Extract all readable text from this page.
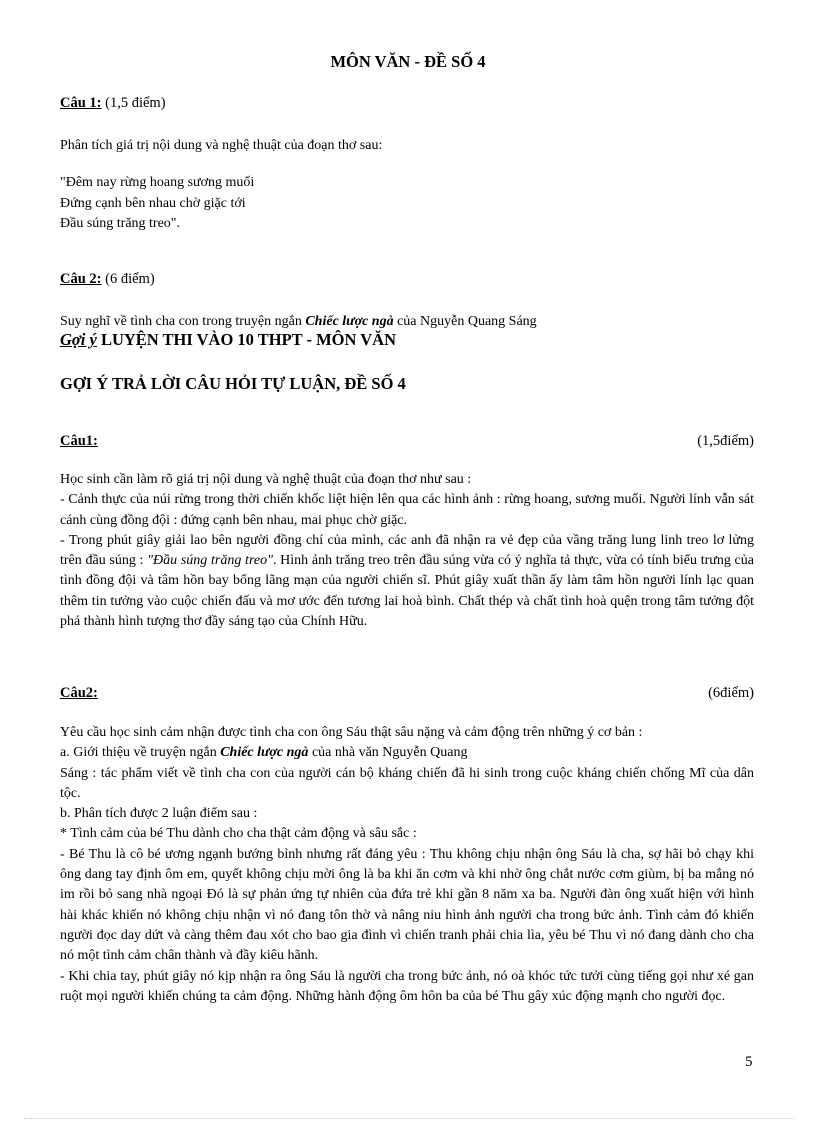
MÔN VĂN - ĐỀ SỐ 4
Câu 1: (1,5 điểm)
Phân tích giá trị nội dung và nghệ thuật của đoạn thơ sau:

"Đêm nay rừng hoang sương muối

Đứng cạnh bên nhau chờ giặc tới

Đầu súng trăng treo".

Câu 2: (6 điểm)
Suy nghĩ về tình cha con trong truyện ngắn Chiếc lược ngà của Nguyễn Quang Sáng
Gợi ý LUYỆN THI VÀO 10 THPT - MÔN VĂN
GỢI Ý TRẢ LỜI CÂU HỎI TỰ LUẬN, ĐỀ SỐ 4
Câu1:	(1,5điểm)

Học sinh cần làm rõ giá trị nội dung và nghệ thuật của đoạn thơ như sau :

- Cảnh thực của núi rừng trong thời chiến khốc liệt hiện lên qua các hình ảnh : rừng hoang, sương muối. Người lính vẫn sát cánh cùng đồng đội : đứng cạnh bên nhau, mai phục chờ giặc.

- Trong phút giây giải lao bên người đồng chí của mình, các anh đã nhận ra vẻ đẹp của vầng trăng lung linh treo lơ lửng trên đầu súng : "Đầu súng trăng treo". Hình ảnh trăng treo trên đầu súng vừa có ý nghĩa tả thực, vừa có tính biểu trưng của tình đồng đội và tâm hồn bay bổng lãng mạn của người chiến sĩ. Phút giây xuất thần ấy làm tâm hồn người lính lạc quan thêm tin tưởng vào cuộc chiến đấu và mơ ước đến tương lai hoà bình. Chất thép và chất tình hoà quện trong tâm tưởng đột phá thành hình tượng thơ đầy sáng tạo của Chính Hữu.

Câu2:	(6điểm)

Yêu cầu học sinh cảm nhận được tình cha con ông Sáu thật sâu nặng và cảm động trên những ý cơ bản :

a. Giới thiệu về truyện ngắn Chiếc lược ngà của nhà văn Nguyễn Quang

Sáng : tác phẩm viết về tình cha con của người cán bộ kháng chiến đã hi sinh trong cuộc kháng chiến chống Mĩ của dân tộc.

b. Phân tích được 2 luận điểm sau :

* Tình cảm của bé Thu dành cho cha thật cảm động và sâu sắc :

- Bé Thu là cô bé ương ngạnh bướng bỉnh nhưng rất đáng yêu : Thu không chịu nhận ông Sáu là cha, sợ hãi bỏ chạy khi ông dang tay định ôm em, quyết không chịu mời ông là ba khi ăn cơm và khi nhờ ông chắt nước cơm giùm, bị ba mắng nó im rồi bỏ sang nhà ngoại Đó là sự phản ứng tự nhiên của đứa trẻ khi gần 8 năm xa ba. Người đàn ông xuất hiện với hình hài khác khiến nó không chịu nhận vì nó đang tôn thờ và nâng niu hình ảnh người cha trong bức ảnh. Tình cảm đó khiến người đọc day dứt và càng thêm đau xót cho bao gia đình vì chiến tranh phải chia lìa, yêu bé Thu vì nó đang dành cho cha nó một tình cảm chân thành và đầy kiêu hãnh.

- Khi chia tay, phút giây nó kịp nhận ra ông Sáu là người cha trong bức ảnh, nó oà khóc tức tưởi cùng tiếng gọi như xé gan ruột mọi người khiến chúng ta cảm động. Những hành động ôm hôn ba của bé Thu gây xúc động mạnh cho người đọc.

5
